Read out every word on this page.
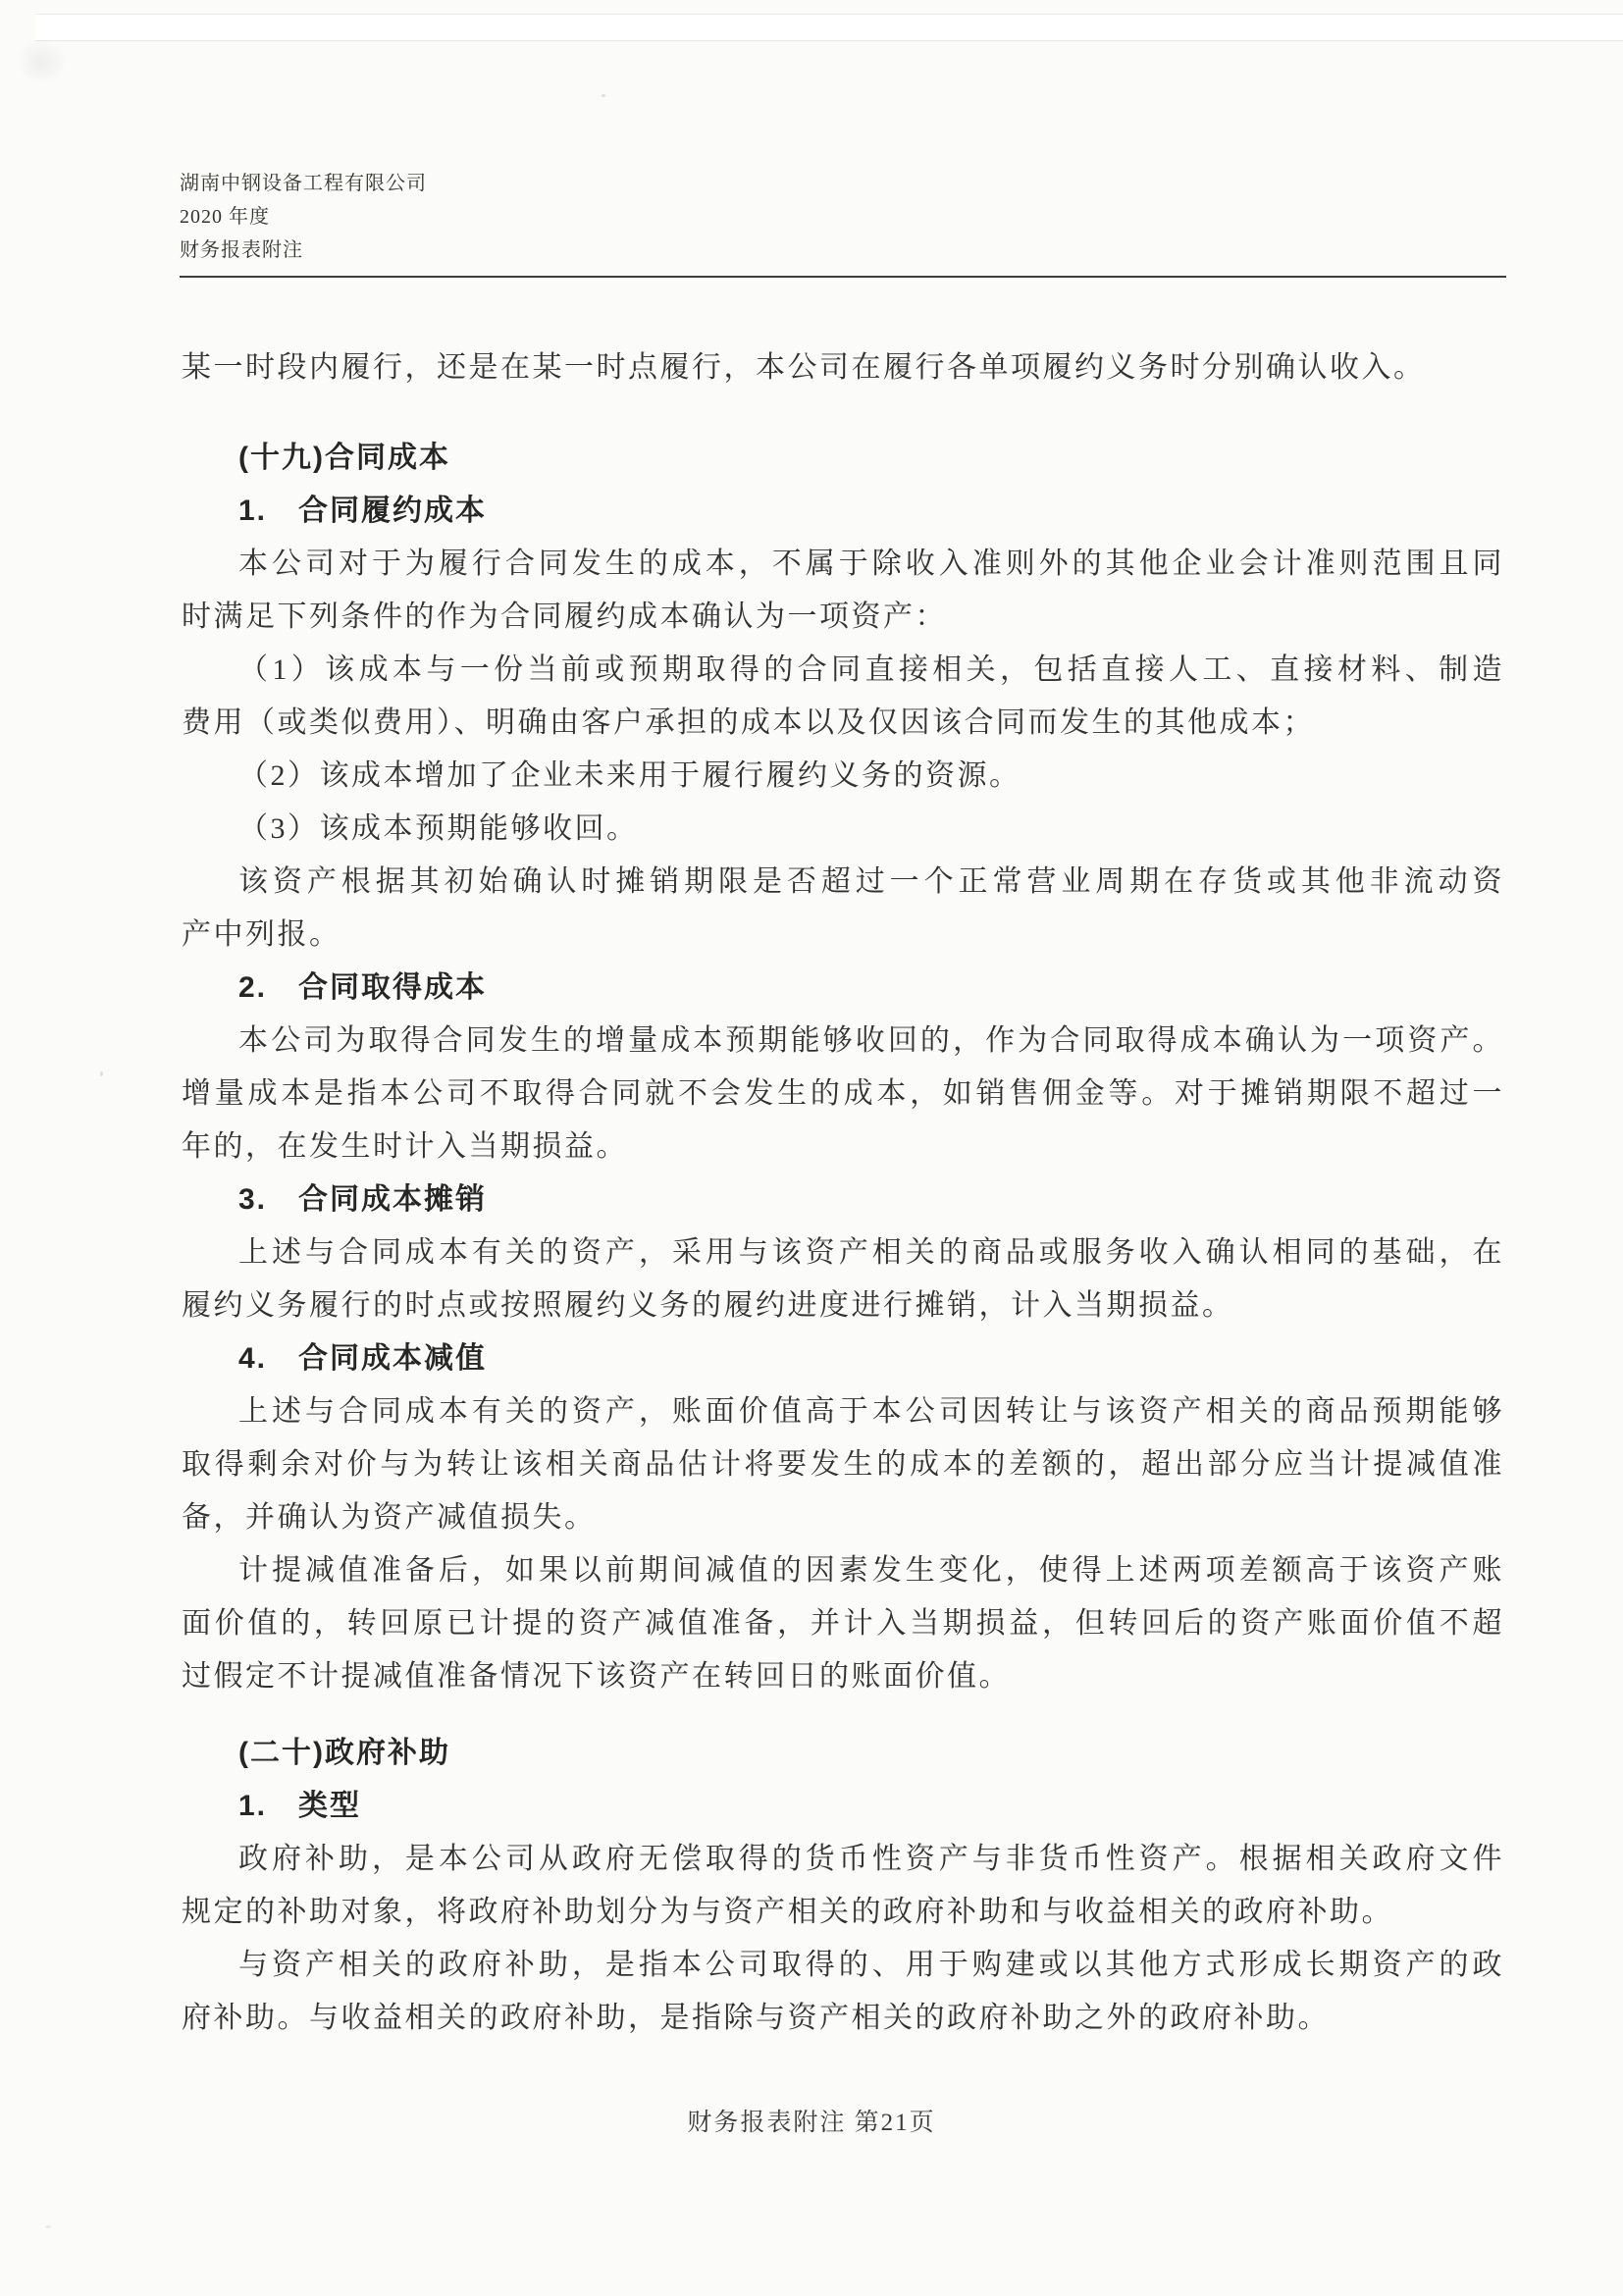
湖南中钢设备工程有限公司
2020 年度
财务报表附注
某一时段内履行，还是在某一时点履行，本公司在履行各单项履约义务时分别确认收入。
(十九)合同成本
1.　合同履约成本
本公司对于为履行合同发生的成本，不属于除收入准则外的其他企业会计准则范围且同
时满足下列条件的作为合同履约成本确认为一项资产：
（1）该成本与一份当前或预期取得的合同直接相关，包括直接人工、直接材料、制造
费用（或类似费用）、明确由客户承担的成本以及仅因该合同而发生的其他成本；
（2）该成本增加了企业未来用于履行履约义务的资源。
（3）该成本预期能够收回。
该资产根据其初始确认时摊销期限是否超过一个正常营业周期在存货或其他非流动资
产中列报。
2.　合同取得成本
本公司为取得合同发生的增量成本预期能够收回的，作为合同取得成本确认为一项资产。
增量成本是指本公司不取得合同就不会发生的成本，如销售佣金等。对于摊销期限不超过一
年的，在发生时计入当期损益。
3.　合同成本摊销
上述与合同成本有关的资产，采用与该资产相关的商品或服务收入确认相同的基础，在
履约义务履行的时点或按照履约义务的履约进度进行摊销，计入当期损益。
4.　合同成本减值
上述与合同成本有关的资产，账面价值高于本公司因转让与该资产相关的商品预期能够
取得剩余对价与为转让该相关商品估计将要发生的成本的差额的，超出部分应当计提减值准
备，并确认为资产减值损失。
计提减值准备后，如果以前期间减值的因素发生变化，使得上述两项差额高于该资产账
面价值的，转回原已计提的资产减值准备，并计入当期损益，但转回后的资产账面价值不超
过假定不计提减值准备情况下该资产在转回日的账面价值。
(二十)政府补助
1.　类型
政府补助，是本公司从政府无偿取得的货币性资产与非货币性资产。根据相关政府文件
规定的补助对象，将政府补助划分为与资产相关的政府补助和与收益相关的政府补助。
与资产相关的政府补助，是指本公司取得的、用于购建或以其他方式形成长期资产的政
府补助。与收益相关的政府补助，是指除与资产相关的政府补助之外的政府补助。
财务报表附注 第21页
